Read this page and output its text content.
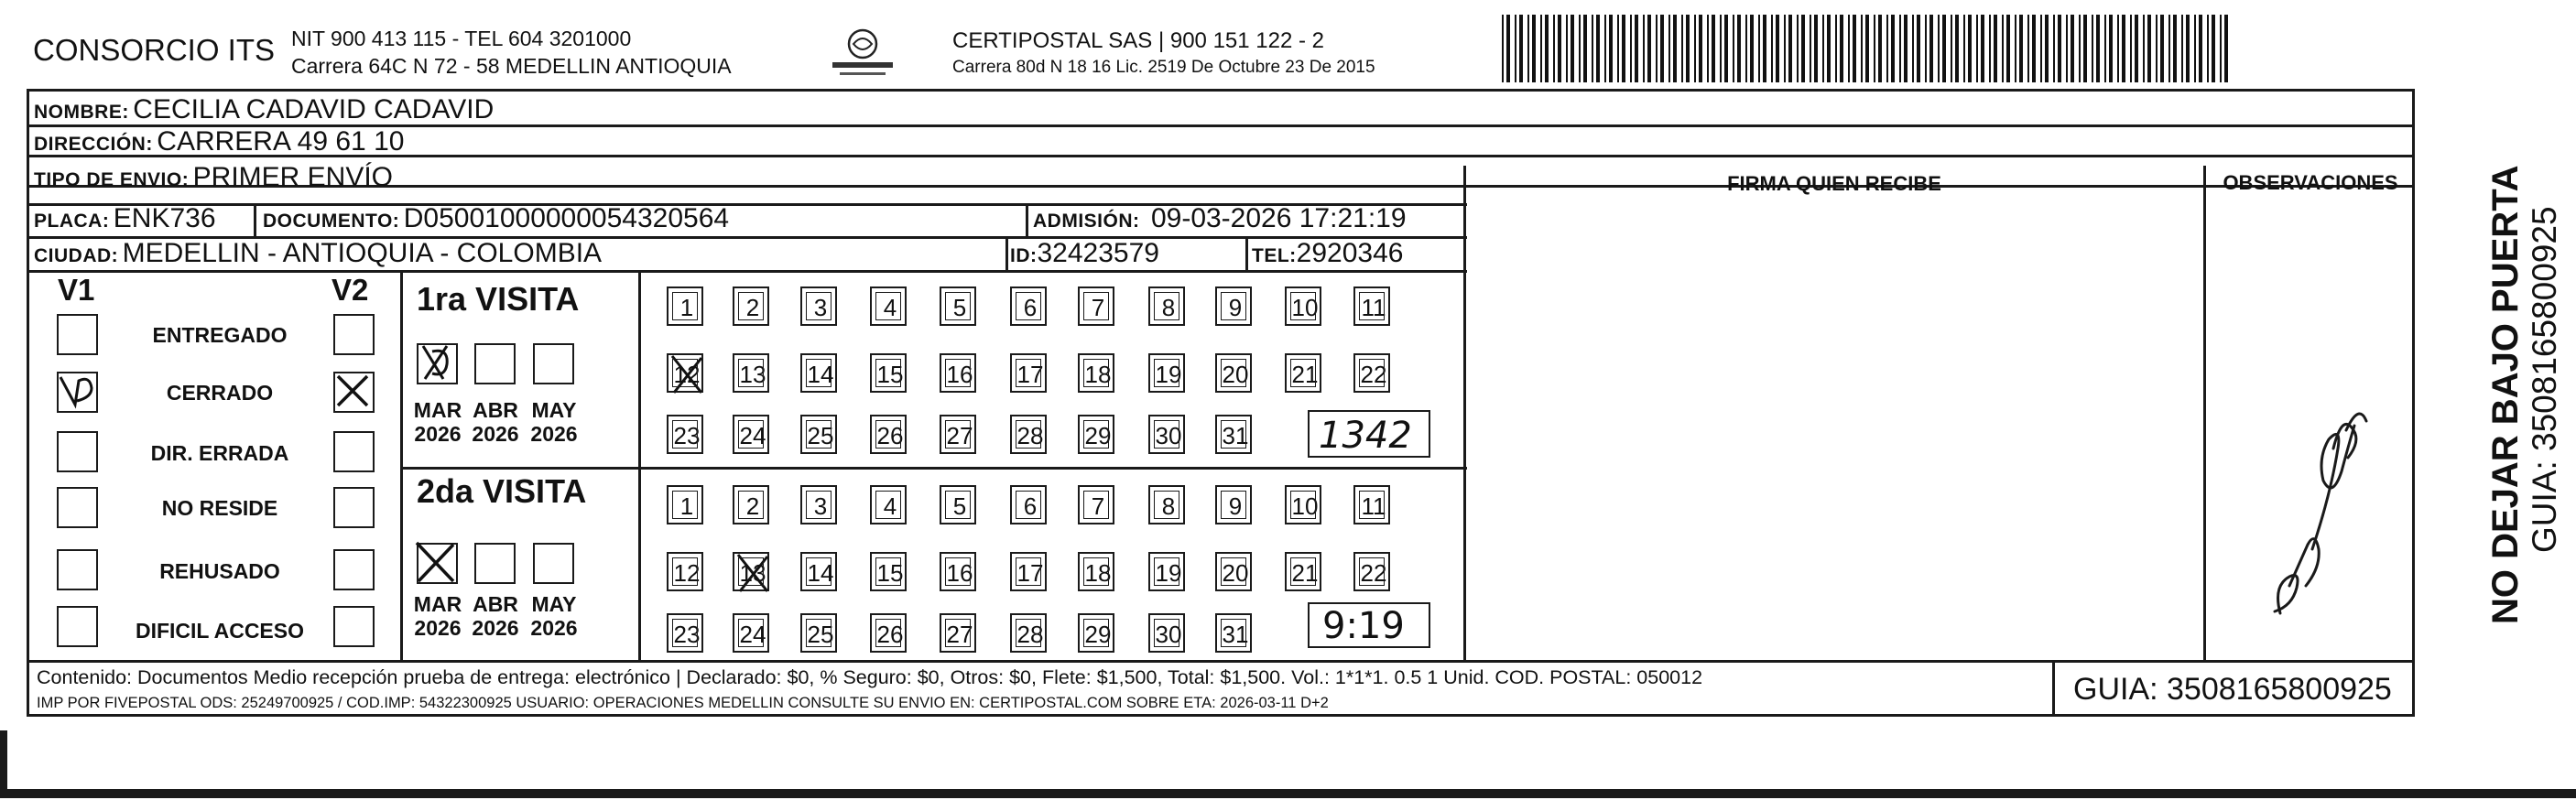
CONSORCIO ITS NIT 900 413 115 - TEL 604 3201000
Carrera 64C N 72 - 58 MEDELLIN ANTIOQUIA
CERTIPOSTAL SAS | 900 151 122 - 2
Carrera 80d N 18 16 Lic. 2519 De Octubre 23 De 2015
NOMBRE: CECILIA CADAVID CADAVID
DIRECCIÓN: CARRERA 49 61 10
TIPO DE ENVIO: PRIMER ENVÍO
PLACA: ENK736 DOCUMENTO: D05001000000054320564	ADMISIÓN: 09-03-2026 17:21:19
CIUDAD: MEDELLIN - ANTIOQUIA - COLOMBIA	ID:32423579	TEL:2920346
FIRMA QUIEN RECIBE	OBSERVACIONES
V1	V2
ENTREGADO
CERRADO
DIR. ERRADA
NO RESIDE
REHUSADO
DIFICIL ACCESO
1ra VISITA
MAR
2026
ABR
2026
MAY
2026
2da VISITA
MAR
2026
ABR
2026
MAY
2026
1	2	3	4	5	6	7	8	9	10 11
12 13 14 15 16 17 18 19 20 21 22
23 24 25 26 27 28 29 30 31
1	2	3	4	5	6	7	8	9	10 11
12 13 14 15 16 17 18 19 20 21 22
23 24 25 26 27 28 29 30 31
1342
9:19
Contenido: Documentos Medio recepción prueba de entrega: electrónico | Declarado: $0, % Seguro: $0, Otros: $0, Flete: $1,500, Total: $1,500. Vol.: 1*1*1. 0.5 1 Unid. COD. POSTAL: 050012
IMP POR FIVEPOSTAL ODS: 25249700925 / COD.IMP: 54322300925 USUARIO: OPERACIONES MEDELLIN CONSULTE SU ENVIO EN: CERTIPOSTAL.COM SOBRE ETA: 2026-03-11 D+2	GUIA: 3508165800925
NO DEJAR BAJO PUERTA GUIA: 3508165800925
